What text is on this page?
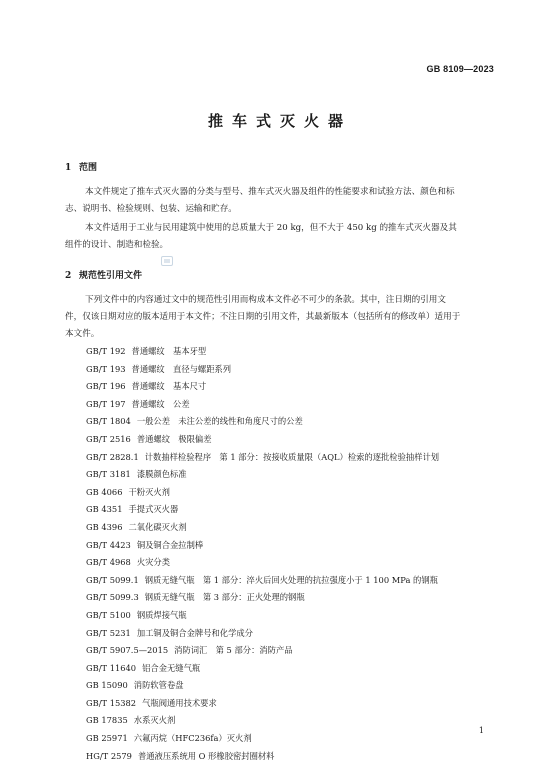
GB 8109—2023
推车式灭火器
1 范围
本文件规定了推车式灭火器的分类与型号、推车式灭火器及组件的性能要求和试验方法、颜色和标
志、说明书、检验规则、包装、运输和贮存。
本文件适用于工业与民用建筑中使用的总质量大于 20 kg，但不大于 450 kg 的推车式灭火器及其
组件的设计、制造和检验。
2 规范性引用文件
下列文件中的内容通过文中的规范性引用而构成本文件必不可少的条款。其中，注日期的引用文
件，仅该日期对应的版本适用于本文件；不注日期的引用文件，其最新版本（包括所有的修改单）适用于
本文件。
GB/T 192 普通螺纹　基本牙型
GB/T 193 普通螺纹　直径与螺距系列
GB/T 196 普通螺纹　基本尺寸
GB/T 197 普通螺纹　公差
GB/T 1804 一般公差　未注公差的线性和角度尺寸的公差
GB/T 2516 普通螺纹　极限偏差
GB/T 2828.1 计数抽样检验程序　第 1 部分：按接收质量限（AQL）检索的逐批检验抽样计划
GB/T 3181 漆膜颜色标准
GB 4066 干粉灭火剂
GB 4351 手提式灭火器
GB 4396 二氧化碳灭火剂
GB/T 4423 铜及铜合金拉制棒
GB/T 4968 火灾分类
GB/T 5099.1 钢质无缝气瓶　第 1 部分：淬火后回火处理的抗拉强度小于 1 100 MPa 的钢瓶
GB/T 5099.3 钢质无缝气瓶　第 3 部分：正火处理的钢瓶
GB/T 5100 钢质焊接气瓶
GB/T 5231 加工铜及铜合金牌号和化学成分
GB/T 5907.5—2015 消防词汇　第 5 部分：消防产品
GB/T 11640 铝合金无缝气瓶
GB 15090 消防软管卷盘
GB/T 15382 气瓶阀通用技术要求
GB 17835 水系灭火剂
GB 25971 六氟丙烷（HFC236fa）灭火剂
HG/T 2579 普通液压系统用 O 形橡胶密封圈材料
1
